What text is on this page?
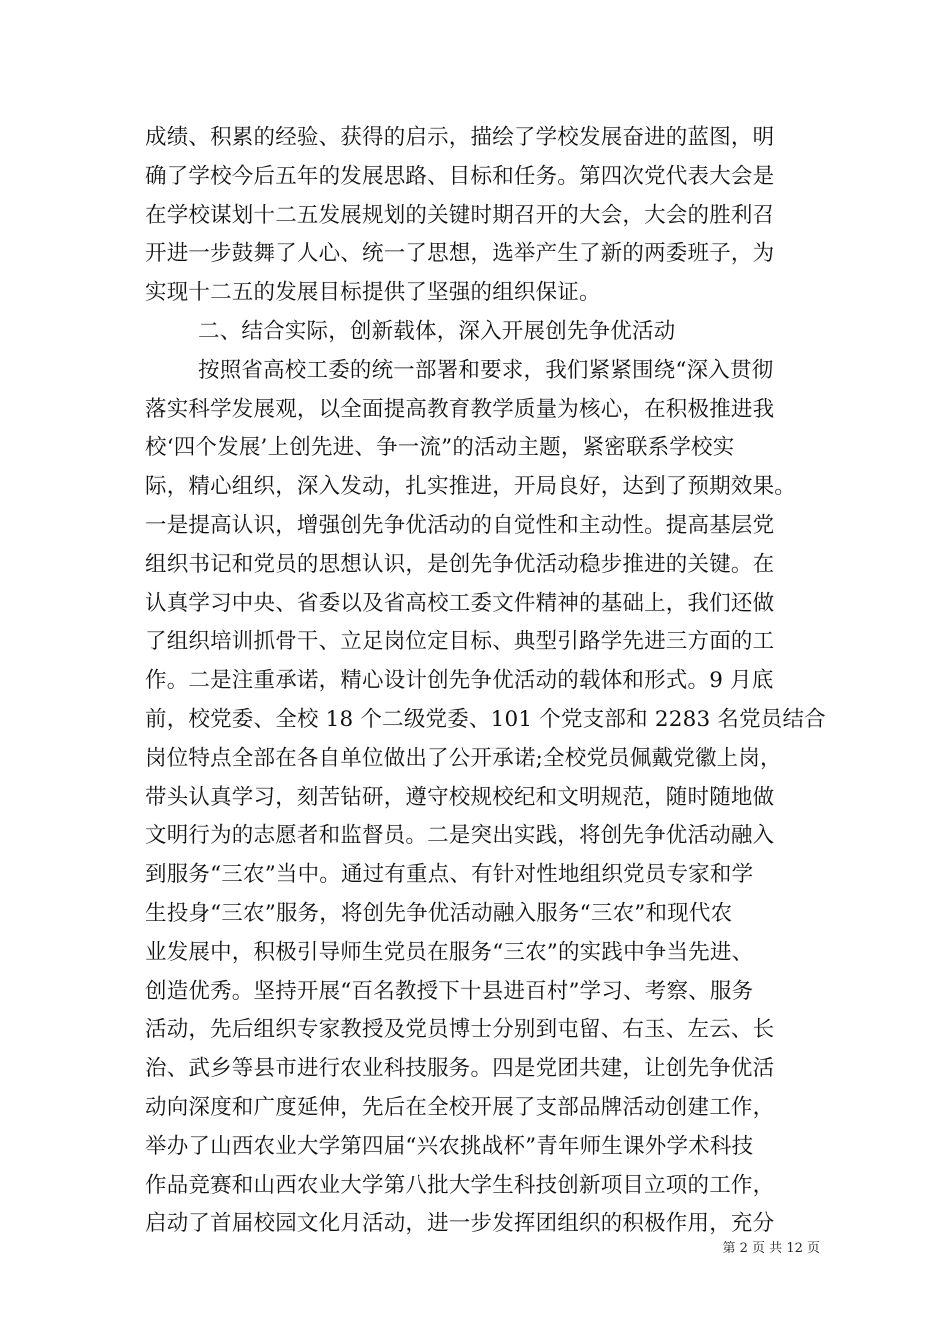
成绩、积累的经验、获得的启示，描绘了学校发展奋进的蓝图，明
确了学校今后五年的发展思路、目标和任务。第四次党代表大会是
在学校谋划十二五发展规划的关键时期召开的大会，大会的胜利召
开进一步鼓舞了人心、统一了思想，选举产生了新的两委班子，为
实现十二五的发展目标提供了坚强的组织保证。
二、结合实际，创新载体，深入开展创先争优活动
按照省高校工委的统一部署和要求，我们紧紧围绕“深入贯彻
落实科学发展观，以全面提高教育教学质量为核心，在积极推进我
校‘四个发展’上创先进、争一流”的活动主题，紧密联系学校实
际，精心组织，深入发动，扎实推进，开局良好，达到了预期效果。
一是提高认识，增强创先争优活动的自觉性和主动性。提高基层党
组织书记和党员的思想认识，是创先争优活动稳步推进的关键。在
认真学习中央、省委以及省高校工委文件精神的基础上，我们还做
了组织培训抓骨干、立足岗位定目标、典型引路学先进三方面的工
作。二是注重承诺，精心设计创先争优活动的载体和形式。9 月底
前，校党委、全校 18 个二级党委、101 个党支部和 2283 名党员结合
岗位特点全部在各自单位做出了公开承诺;全校党员佩戴党徽上岗，
带头认真学习，刻苦钻研，遵守校规校纪和文明规范，随时随地做
文明行为的志愿者和监督员。二是突出实践，将创先争优活动融入
到服务“三农”当中。通过有重点、有针对性地组织党员专家和学
生投身“三农”服务，将创先争优活动融入服务“三农”和现代农
业发展中，积极引导师生党员在服务“三农”的实践中争当先进、
创造优秀。坚持开展“百名教授下十县进百村”学习、考察、服务
活动，先后组织专家教授及党员博士分别到屯留、右玉、左云、长
治、武乡等县市进行农业科技服务。四是党团共建，让创先争优活
动向深度和广度延伸，先后在全校开展了支部品牌活动创建工作，
举办了山西农业大学第四届“兴农挑战杯”青年师生课外学术科技
作品竞赛和山西农业大学第八批大学生科技创新项目立项的工作，
启动了首届校园文化月活动，进一步发挥团组织的积极作用，充分
第 2 页 共 12 页
